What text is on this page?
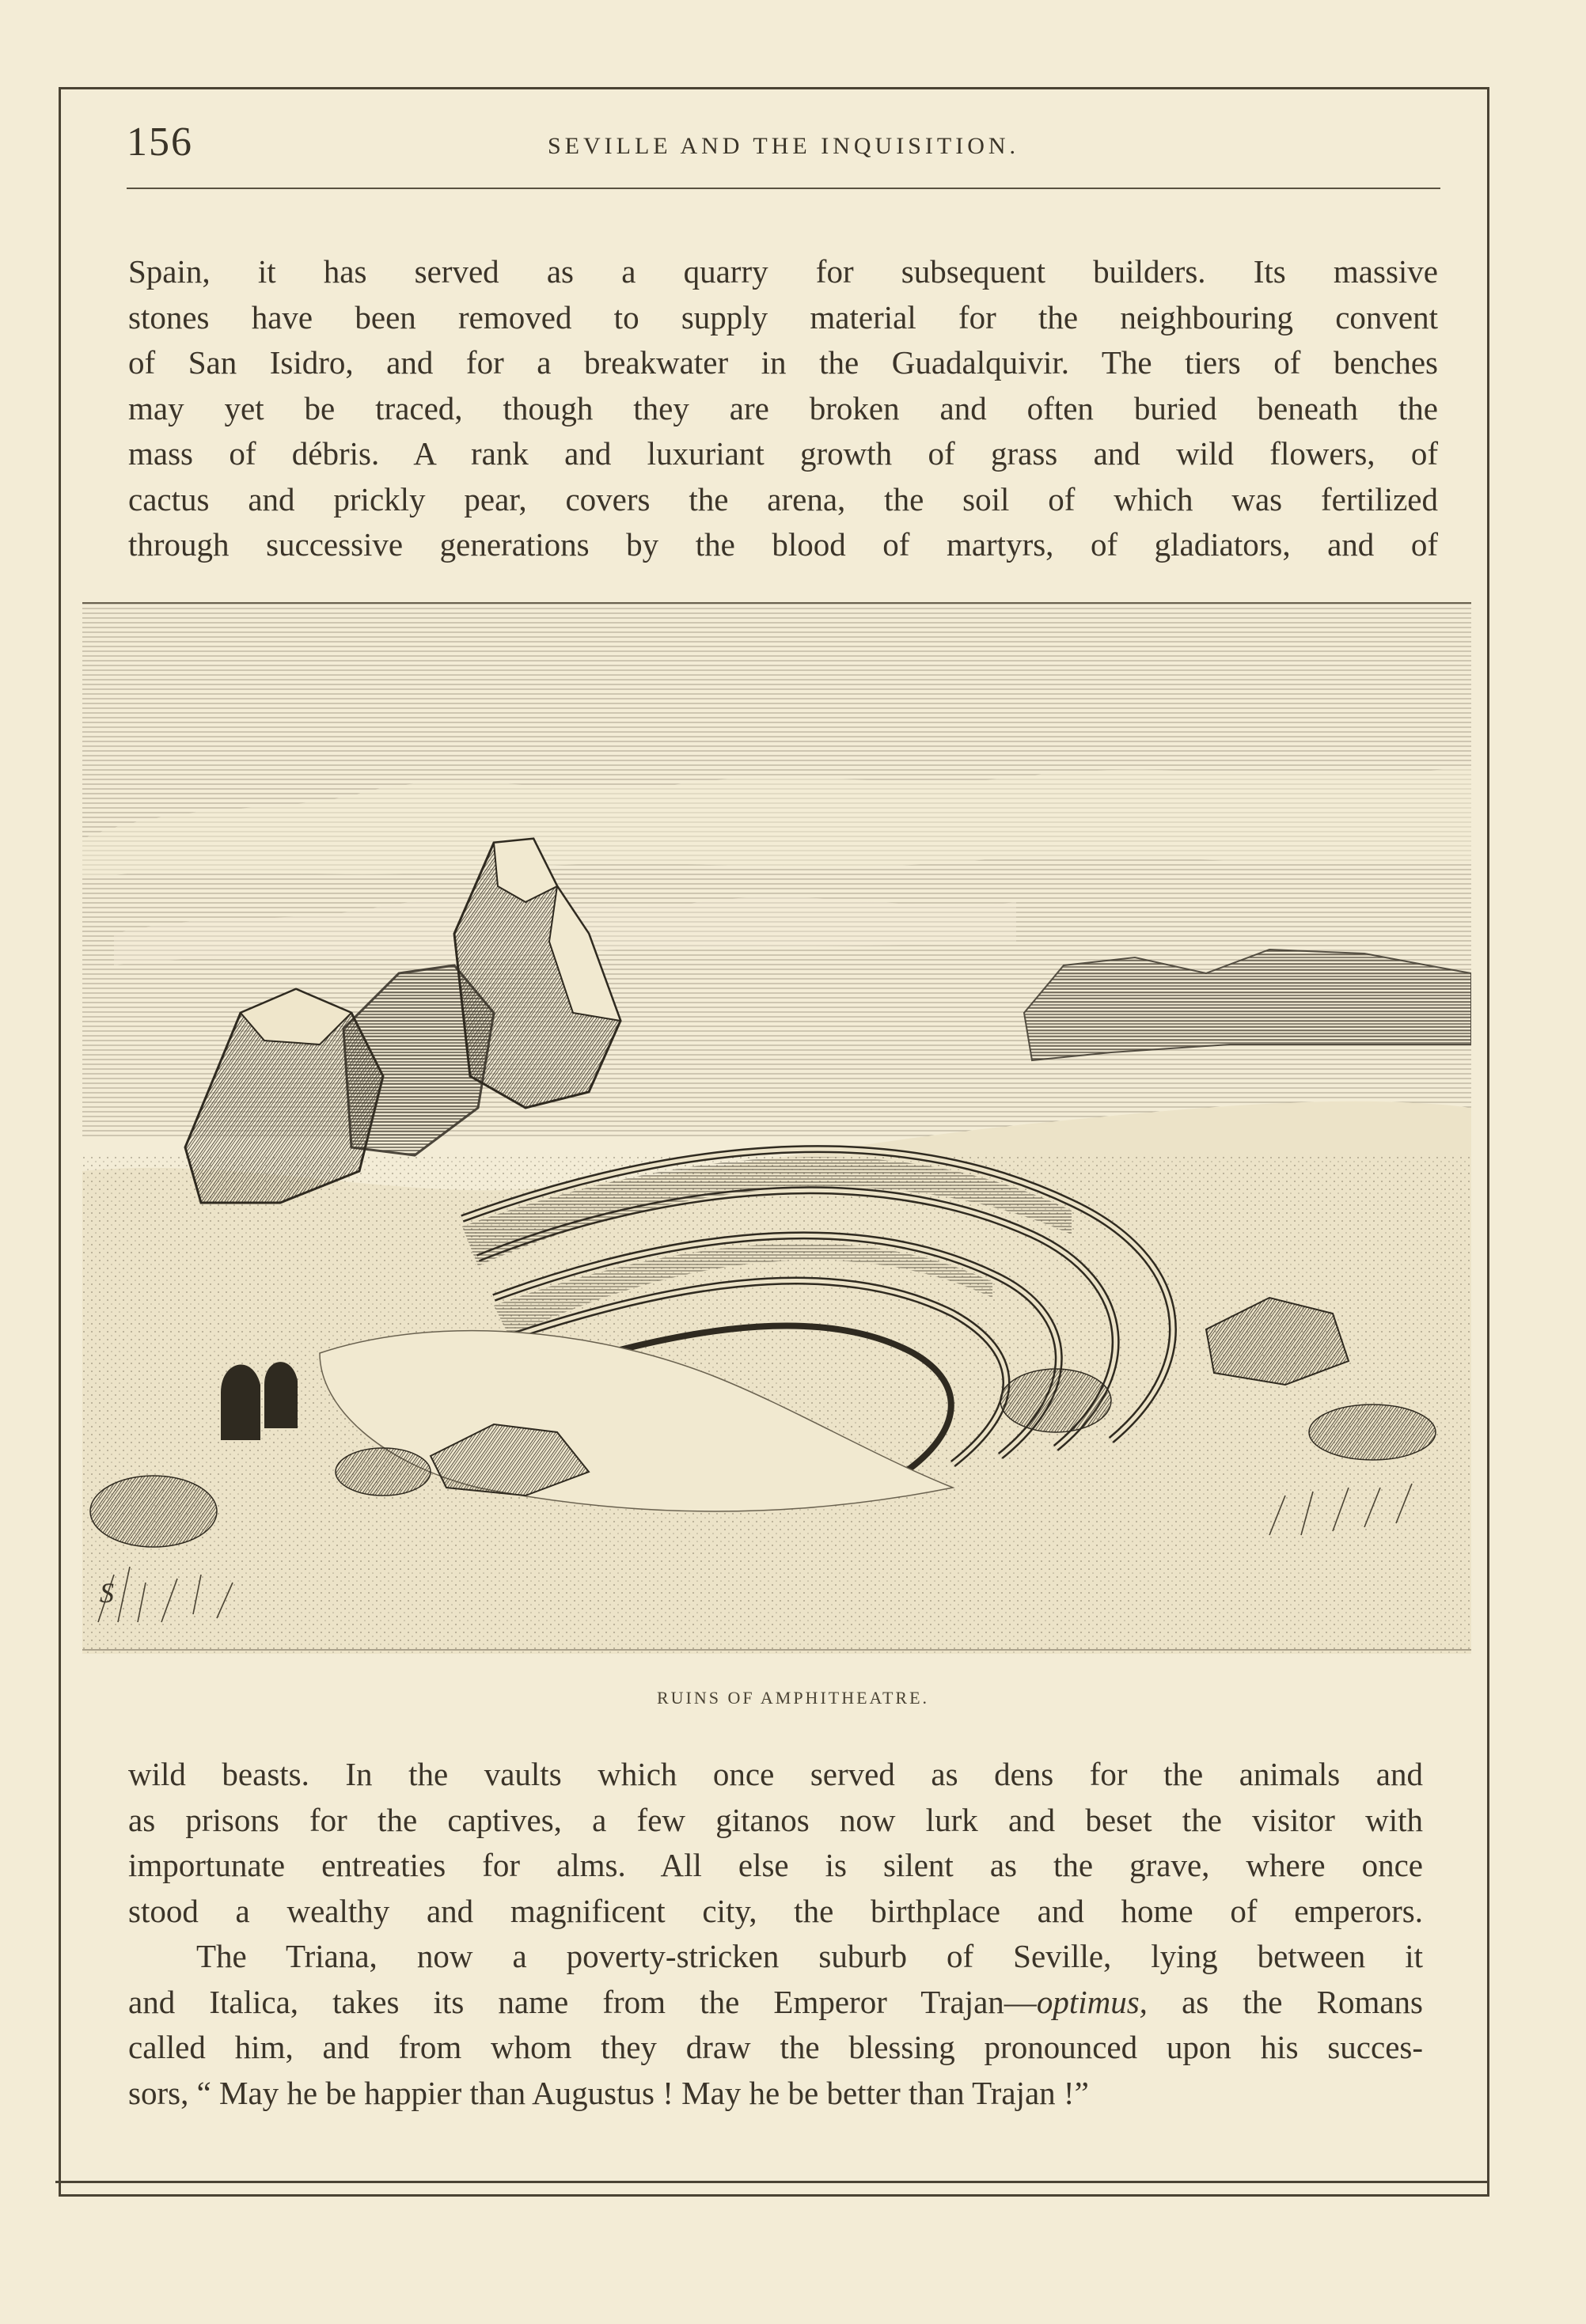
156	SEVILLE AND THE INQUISITION.
Spain, it has served as a quarry for subsequent builders. Its massive
stones have been removed to supply material for the neighbouring convent
of San Isidro, and for a breakwater in the Guadalquivir. The tiers of benches
may yet be traced, though they are broken and often buried beneath the
mass of débris. A rank and luxuriant growth of grass and wild flowers, of
cactus and prickly pear, covers the arena, the soil of which was fertilized
through successive generations by the blood of martyrs, of gladiators, and of
S
RUINS OF AMPHITHEATRE.
wild beasts. In the vaults which once served as dens for the animals and
as prisons for the captives, a few gitanos now lurk and beset the visitor with
importunate entreaties for alms. All else is silent as the grave, where once
stood a wealthy and magnificent city, the birthplace and home of emperors.
The Triana, now a poverty-stricken suburb of Seville, lying between it
and Italica, takes its name from the Emperor Trajan—optimus, as the Romans
called him, and from whom they draw the blessing pronounced upon his succes-
sors, “ May he be happier than Augustus ! May he be better than Trajan !”
